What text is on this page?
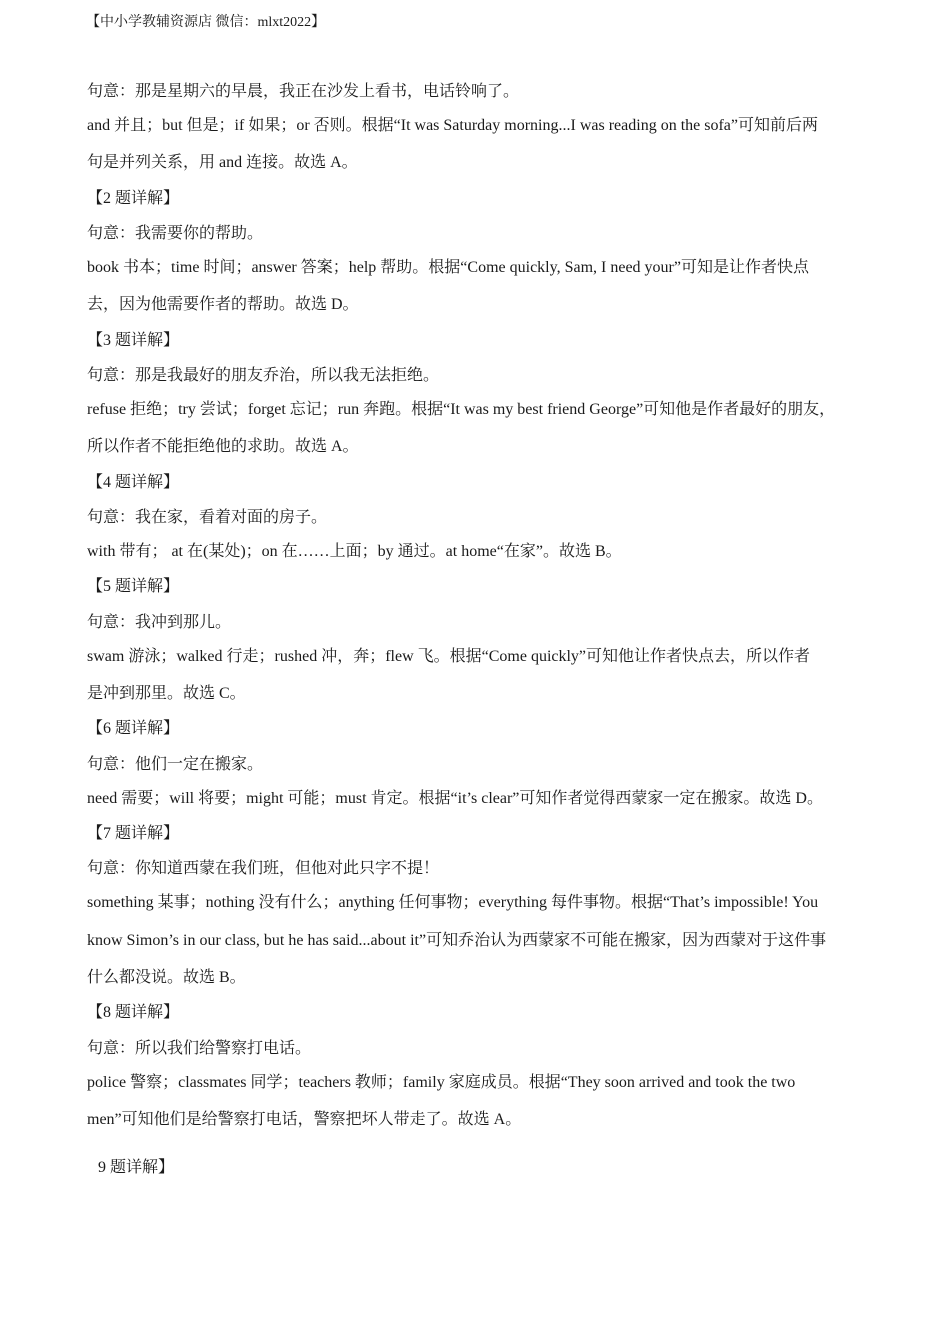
【中小学教辅资源店 微信：mlxt2022】
句意：那是星期六的早晨，我正在沙发上看书，电话铃响了。
and 并且；but 但是；if 如果；or 否则。根据“It was Saturday morning...I was reading on the sofa”可知前后两
句是并列关系，用 and 连接。故选 A。
【2 题详解】
句意：我需要你的帮助。
book 书本；time 时间；answer 答案；help 帮助。根据“Come quickly, Sam, I need your”可知是让作者快点
去，因为他需要作者的帮助。故选 D。
【3 题详解】
句意：那是我最好的朋友乔治，所以我无法拒绝。
refuse 拒绝；try 尝试；forget 忘记；run 奔跑。根据“It was my best friend George”可知他是作者最好的朋友，
所以作者不能拒绝他的求助。故选 A。
【4 题详解】
句意：我在家，看着对面的房子。
with 带有； at 在(某处)；on 在……上面；by 通过。at home“在家”。故选 B。
【5 题详解】
句意：我冲到那儿。
swam 游泳；walked 行走；rushed 冲，奔；flew 飞。根据“Come quickly”可知他让作者快点去，所以作者
是冲到那里。故选 C。
【6 题详解】
句意：他们一定在搬家。
need 需要；will 将要；might 可能；must 肯定。根据“it’s clear”可知作者觉得西蒙家一定在搬家。故选 D。
【7 题详解】
句意：你知道西蒙在我们班，但他对此只字不提！
something 某事；nothing 没有什么；anything 任何事物；everything 每件事物。根据“That’s impossible! You
know Simon’s in our class, but he has said...about it”可知乔治认为西蒙家不可能在搬家，因为西蒙对于这件事
什么都没说。故选 B。
【8 题详解】
句意：所以我们给警察打电话。
police 警察；classmates 同学；teachers 教师；family 家庭成员。根据“They soon arrived and took the two
men”可知他们是给警察打电话，警察把坏人带走了。故选 A。
9 题详解】
